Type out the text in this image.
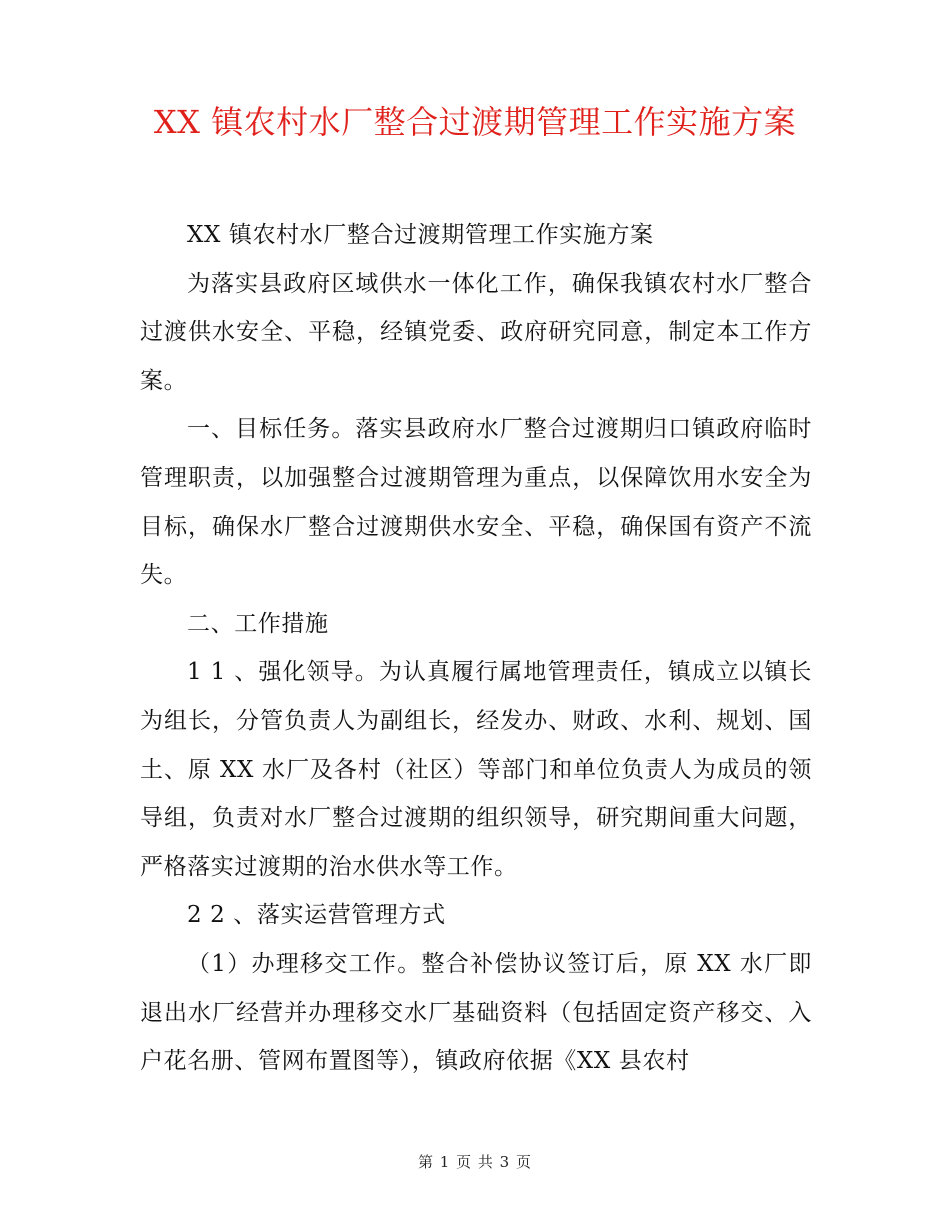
XX 镇农村水厂整合过渡期管理工作实施方案

XX 镇农村水厂整合过渡期管理工作实施方案

为落实县政府区域供水一体化工作，确保我镇农村水厂整合过渡供水安全、平稳，经镇党委、政府研究同意，制定本工作方案。

一、目标任务。落实县政府水厂整合过渡期归口镇政府临时管理职责，以加强整合过渡期管理为重点，以保障饮用水安全为目标，确保水厂整合过渡期供水安全、平稳，确保国有资产不流失。

二、工作措施

1 1 、强化领导。为认真履行属地管理责任，镇成立以镇长为组长，分管负责人为副组长，经发办、财政、水利、规划、国土、原 XX 水厂及各村（社区）等部门和单位负责人为成员的领导组，负责对水厂整合过渡期的组织领导，研究期间重大问题，严格落实过渡期的治水供水等工作。

2 2 、落实运营管理方式

（1）办理移交工作。整合补偿协议签订后，原 XX 水厂即退出水厂经营并办理移交水厂基础资料（包括固定资产移交、入户花名册、管网布置图等），镇政府依据《XX 县农村

第 1 页 共 3 页
